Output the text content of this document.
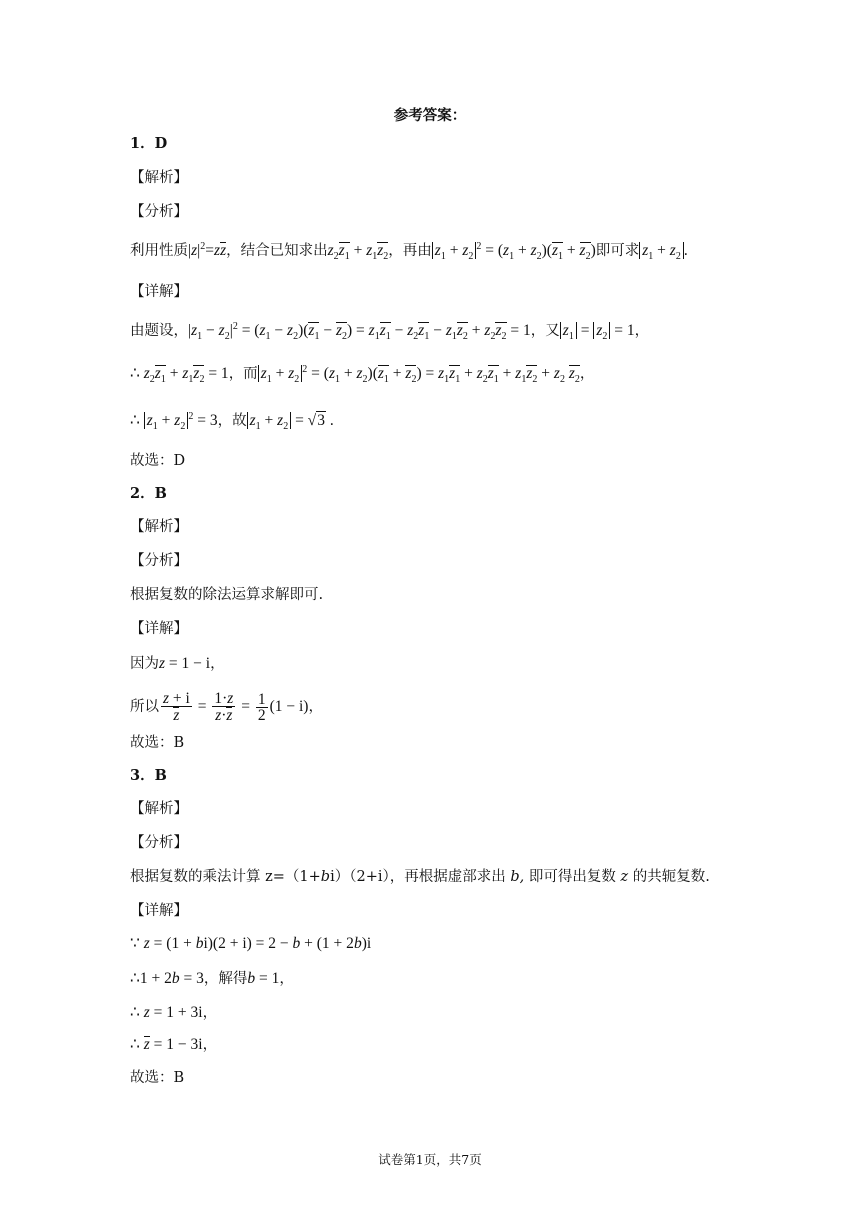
参考答案：
1．D
【解析】
【分析】
利用性质$|z|^2=zz$，结合已知求出$z_2z_1 + z_1z_2$，再由 $z_1 + z_2^2 = (z_1 + z_2)(z_1 + z_2)$即可求 $z_1 + z_2$ .
【详解】
由题设，$|z_1 - z_2|^2 = (z_1 - z_2)(z_1 - z_2) = z_1z_1 - z_2z_1 - z_1z_2 + z_2z_2 = 1$，又 $z_1 = z_2 = 1$，
∴ $z_2z_1 + z_1z_2 = 1$，而 $z_1 + z_2^2 = (z_1 + z_2)(z_1 + z_2) = z_1z_1 + z_2z_1 + z_1z_2 + z_2$ $z_2$，
∴ $z_1 + z_2^2 = 3$，故 $z_1 + z_2 = √3$ .
故选：D
2．B
【解析】
【分析】
根据复数的除法运算求解即可.
【详解】
因为z = 1 − i，
所以 $\frac{z + i}{z} = \frac{1\cdot z}{z\cdot z} = \frac{1}{2} (1 - i)$，
故选：B
3．B
【解析】
【分析】
根据复数的乘法计算 z=（1+bi）（2+i），再根据虚部求出 b, 即可得出复数 z 的共轭复数.
【详解】
∵ z = (1 + bi)(2 + i) = 2 − b + (1 + 2b)i
∴1 + 2b = 3，解得b = 1，
∴ z = 1 + 3i，
∴ z = 1 − 3i，
故选：B
试卷第1页，共7页
